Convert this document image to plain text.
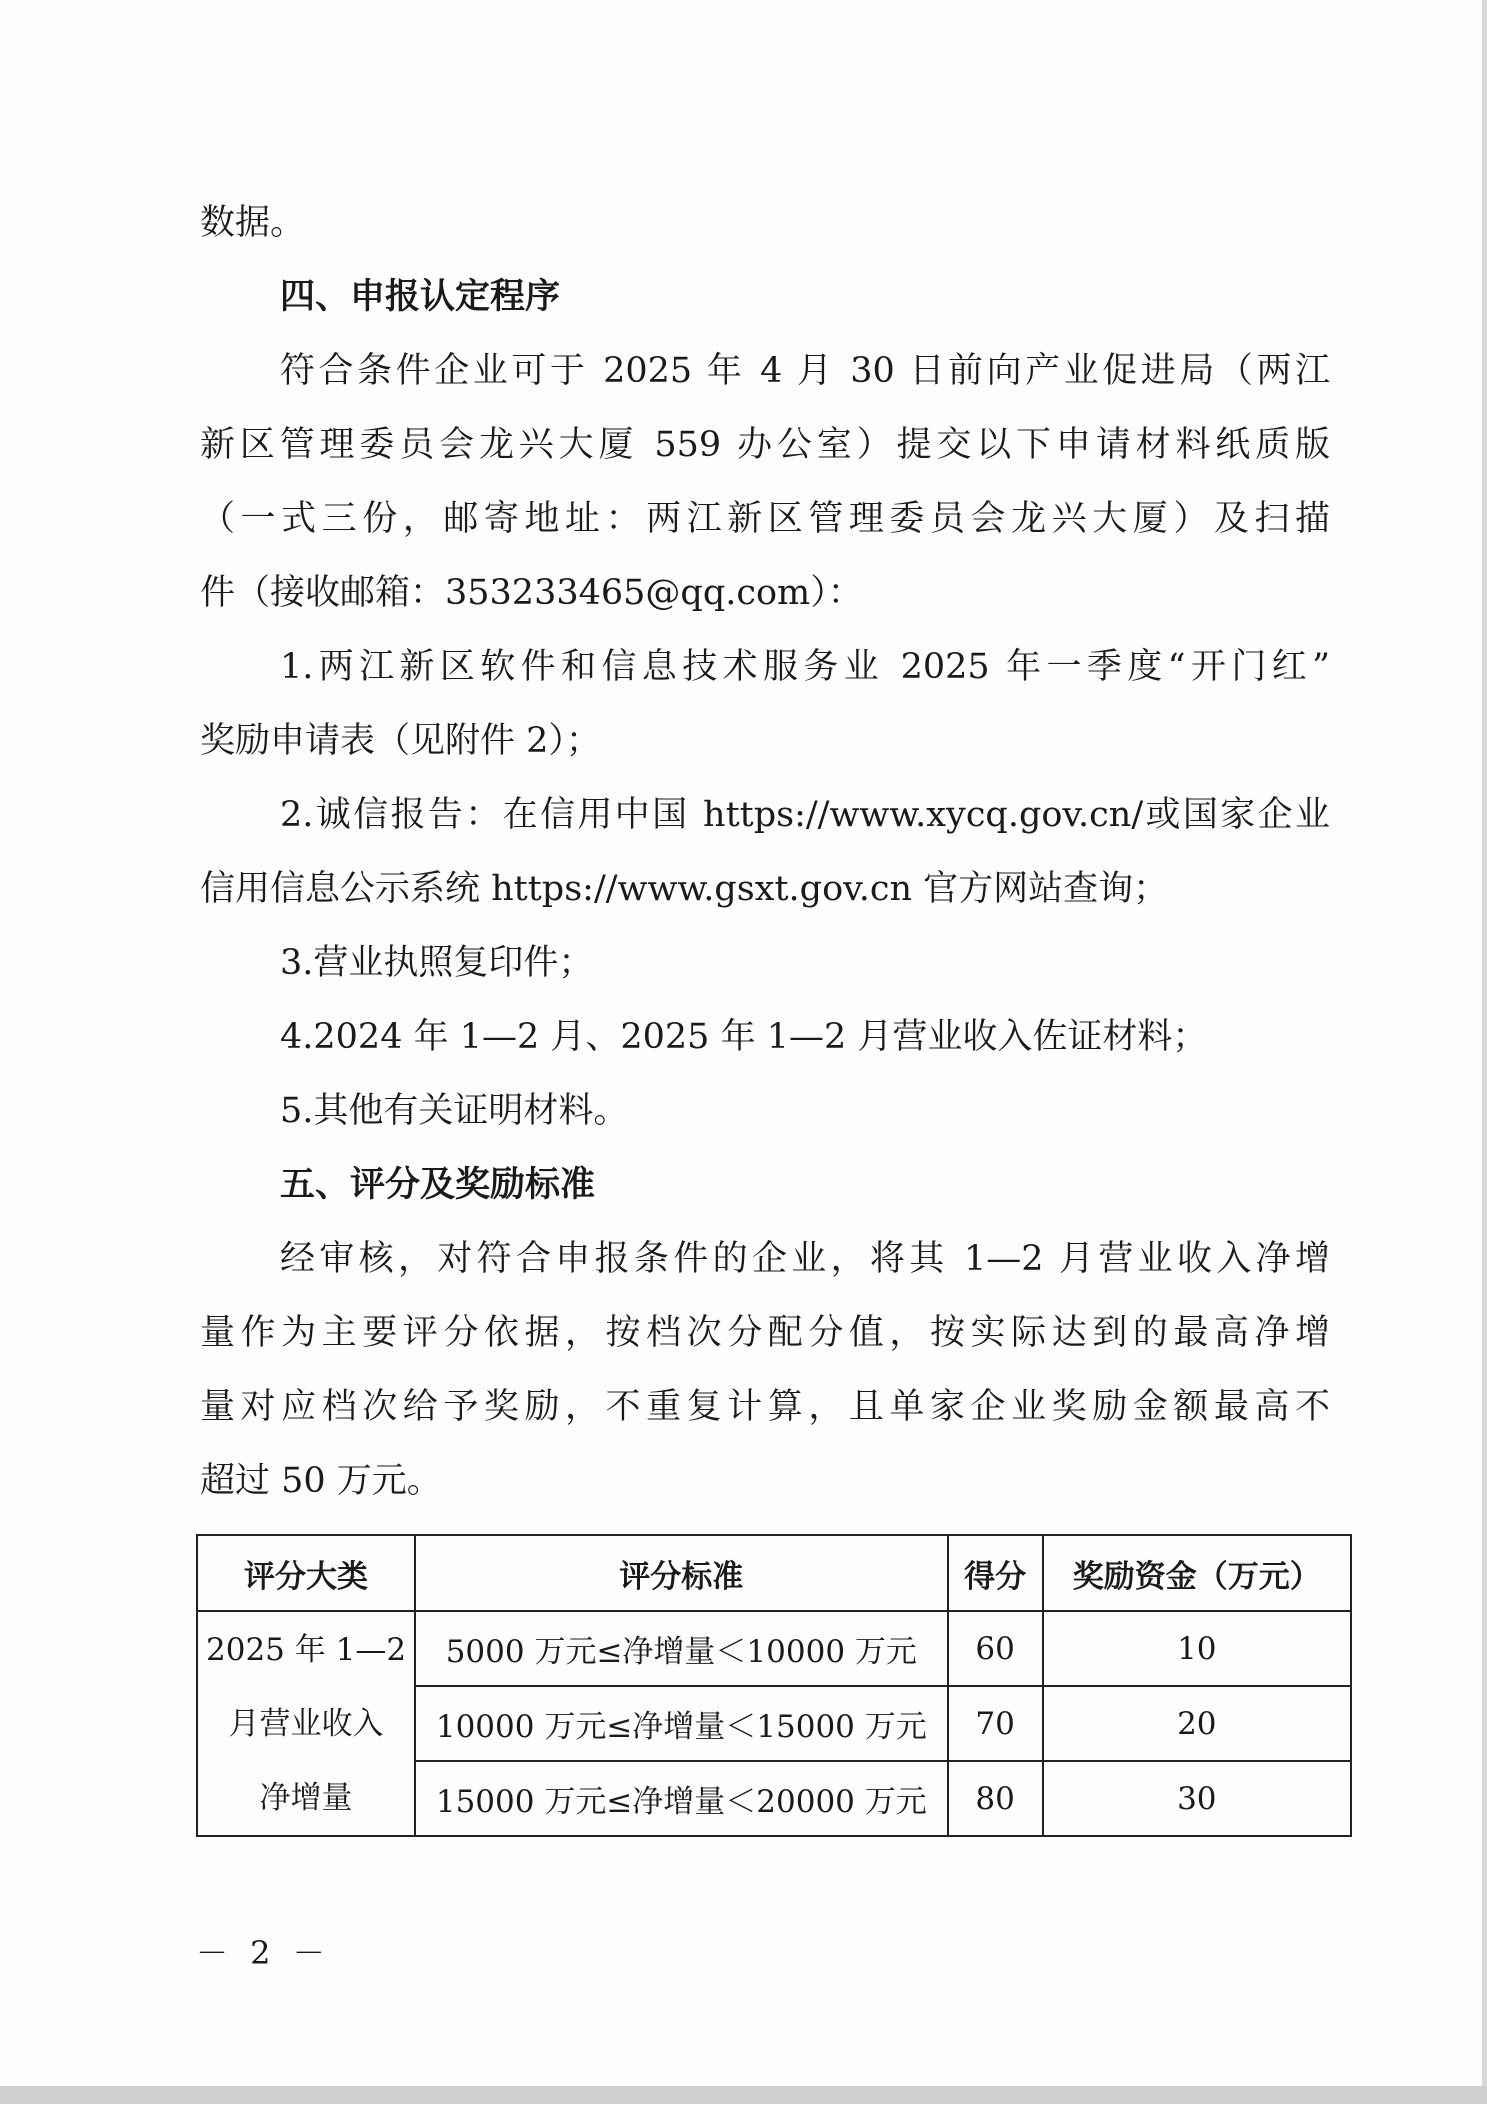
数据。
四、申报认定程序
符合条件企业可于 2025 年 4 月 30 日前向产业促进局（两江
新区管理委员会龙兴大厦 559 办公室）提交以下申请材料纸质版
（一式三份，邮寄地址：两江新区管理委员会龙兴大厦）及扫描
件（接收邮箱：353233465@qq.com）：
1.两江新区软件和信息技术服务业 2025 年一季度“开门红”
奖励申请表（见附件 2）；
2.诚信报告：在信用中国 https://www.xycq.gov.cn/或国家企业
信用信息公示系统 https://www.gsxt.gov.cn 官方网站查询；
3.营业执照复印件；
4.2024 年 1—2 月、2025 年 1—2 月营业收入佐证材料；
5.其他有关证明材料。
五、评分及奖励标准
经审核，对符合申报条件的企业，将其 1—2 月营业收入净增
量作为主要评分依据，按档次分配分值，按实际达到的最高净增
量对应档次给予奖励，不重复计算，且单家企业奖励金额最高不
超过 50 万元。
评分大类	评分标准	得分	奖励资金（万元）

2025 年 1—2
月营业收入
净增量	5000 万元≤净增量＜10000 万元	60	10
	10000 万元≤净增量＜15000 万元	70	20
	15000 万元≤净增量＜20000 万元	80	30
－ 2 －
